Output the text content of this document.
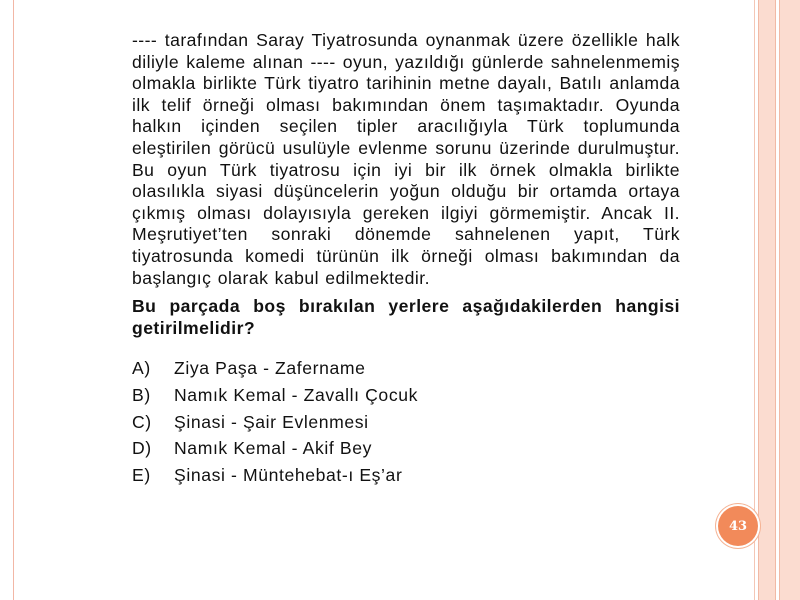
---- tarafından Saray Tiyatrosunda oynanmak üzere özellikle halk diliyle kaleme alınan ---- oyun, yazıldığı günlerde sahnelenmemiş olmakla birlikte Türk tiyatro tarihinin metne dayalı, Batılı anlamda ilk telif örneği olması bakımından önem taşımaktadır. Oyunda halkın içinden seçilen tipler aracılığıyla Türk toplumunda eleştirilen görücü usulüyle evlenme sorunu üzerinde durulmuştur. Bu oyun Türk tiyatrosu için iyi bir ilk örnek olmakla birlikte olasılıkla siyasi düşüncelerin yoğun olduğu bir ortamda ortaya çıkmış olması dolayısıyla gereken ilgiyi görmemiştir. Ancak II. Meşrutiyet’ten sonraki dönemde sahnelenen yapıt, Türk tiyatrosunda komedi türünün ilk örneği olması bakımından da başlangıç olarak kabul edilmektedir.

Bu parçada boş bırakılan yerlere aşağıdakilerden hangisi getirilmelidir?

A)	Ziya Paşa - Zafername
B)	Namık Kemal - Zavallı Çocuk
C)	Şinasi - Şair Evlenmesi
D)	Namık Kemal - Akif Bey
E)	Şinasi - Müntehebat-ı Eş’ar
43
